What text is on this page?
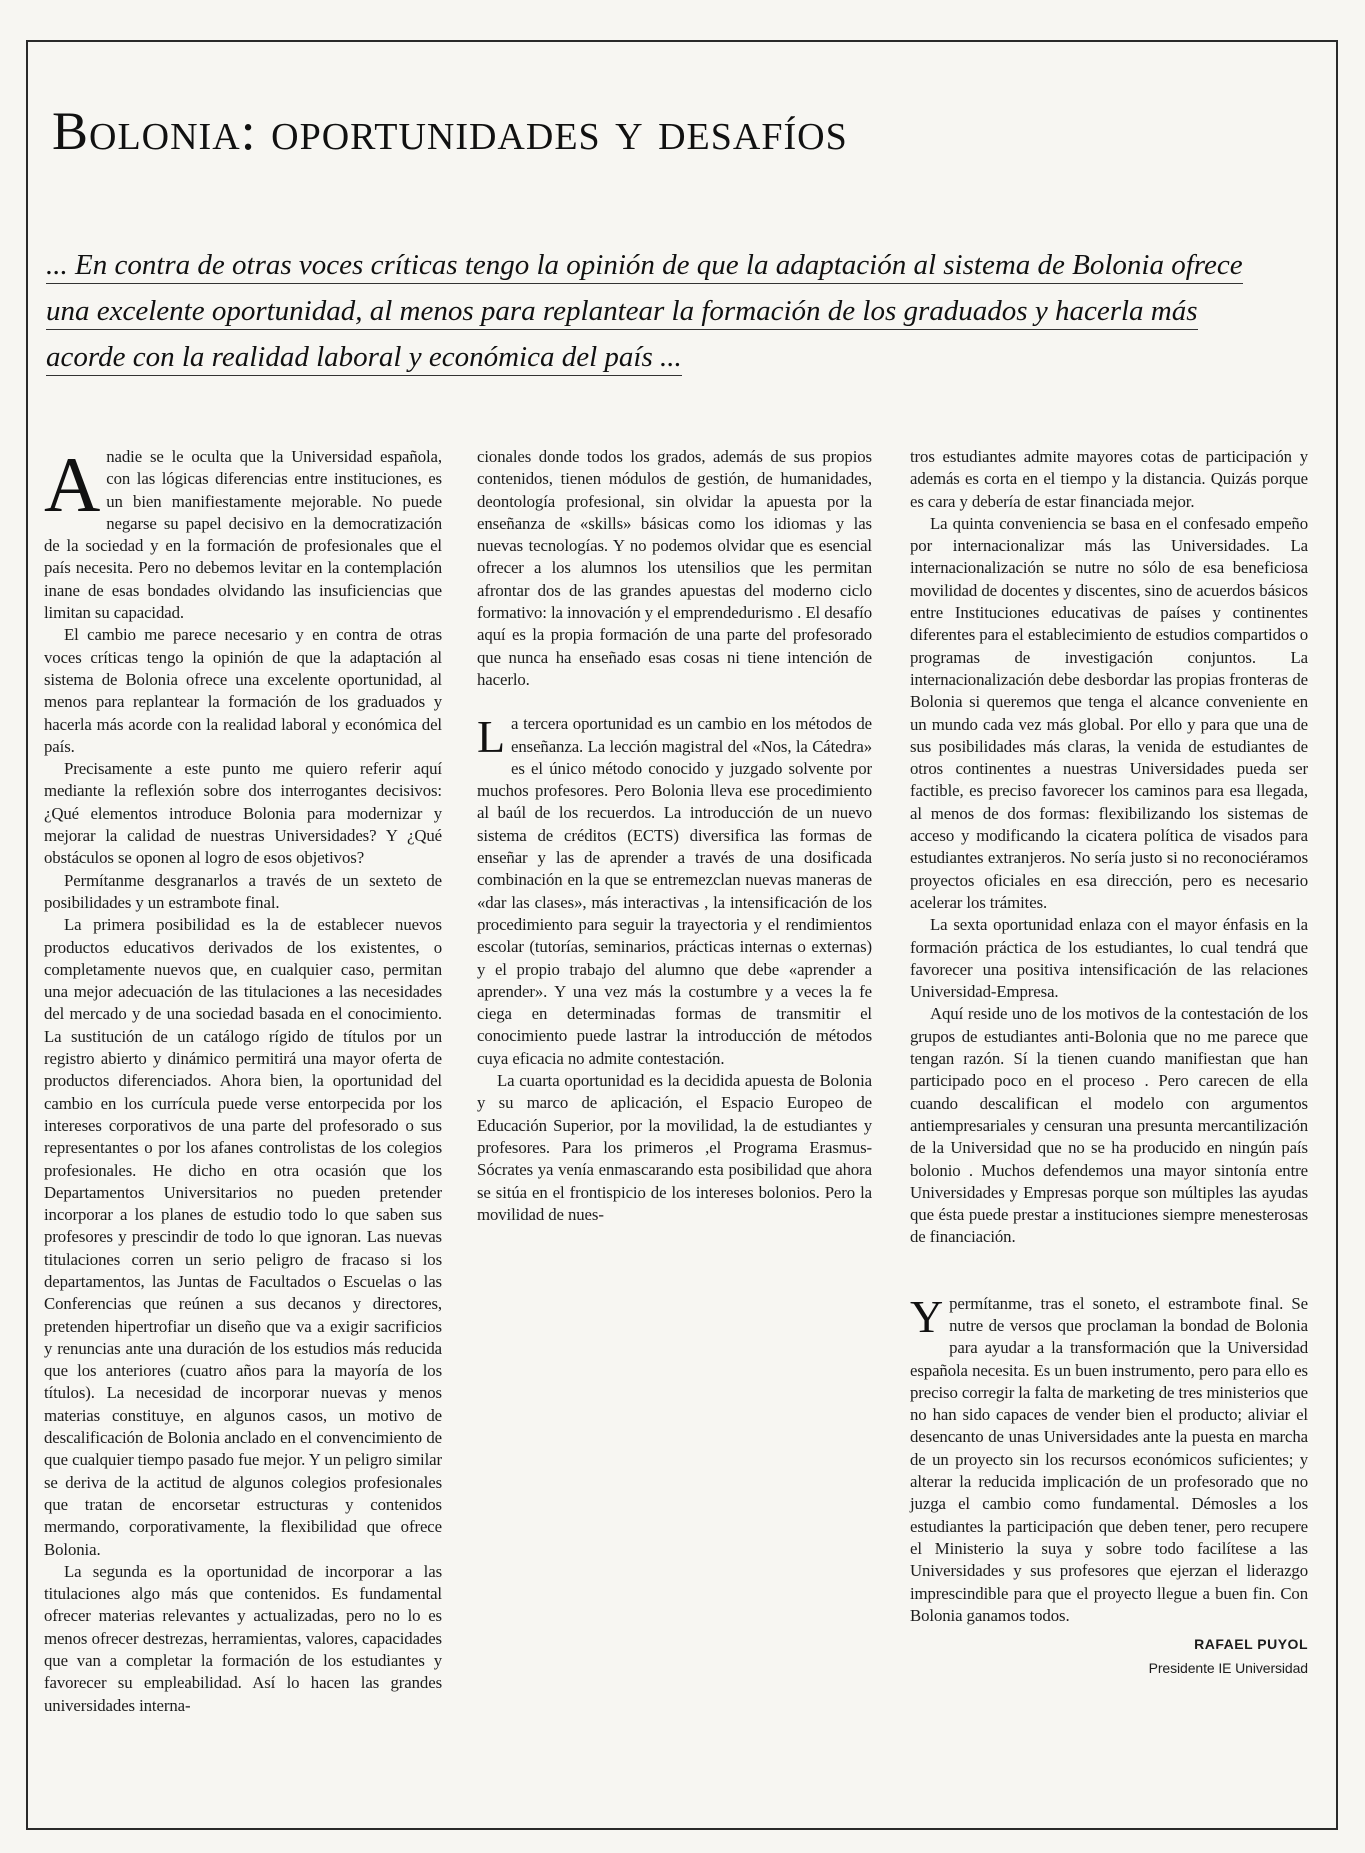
Bolonia: oportunidades y desafíos
... En contra de otras voces críticas tengo la opinión de que la adaptación al sistema de Bolonia ofrece
una excelente oportunidad, al menos para replantear la formación de los graduados y hacerla más
acorde con la realidad laboral y económica del país ...

Anadie se le oculta que la Universidad española, con las lógicas diferencias entre instituciones, es un bien manifiestamente mejorable. No puede negarse su papel decisivo en la democratización de la sociedad y en la formación de profesionales que el país necesita. Pero no debemos levitar en la contemplación inane de esas bondades olvidando las insuficiencias que limitan su capacidad.

El cambio me parece necesario y en contra de otras voces críticas tengo la opinión de que la adaptación al sistema de Bolonia ofrece una excelente oportunidad, al menos para replantear la formación de los graduados y hacerla más acorde con la realidad laboral y económica del país.

Precisamente a este punto me quiero referir aquí mediante la reflexión sobre dos interrogantes decisivos: ¿Qué elementos introduce Bolonia para modernizar y mejorar la calidad de nuestras Universidades? Y ¿Qué obstáculos se oponen al logro de esos objetivos?

Permítanme desgranarlos a través de un sexteto de posibilidades y un estrambote final.

La primera posibilidad es la de establecer nuevos productos educativos derivados de los existentes, o completamente nuevos que, en cualquier caso, permitan una mejor adecuación de las titulaciones a las necesidades del mercado y de una sociedad basada en el conocimiento. La sustitución de un catálogo rígido de títulos por un registro abierto y dinámico permitirá una mayor oferta de productos diferenciados. Ahora bien, la oportunidad del cambio en los currícula puede verse entorpecida por los intereses corporativos de una parte del profesorado o sus representantes o por los afanes controlistas de los colegios profesionales. He dicho en otra ocasión que los Departamentos Universitarios no pueden pretender incorporar a los planes de estudio todo lo que saben sus profesores y prescindir de todo lo que ignoran. Las nuevas titulaciones corren un serio peligro de fracaso si los departamentos, las Juntas de Facultados o Escuelas o las Conferencias que reúnen a sus decanos y directores, pretenden hipertrofiar un diseño que va a exigir sacrificios y renuncias ante una duración de los estudios más reducida que los anteriores (cuatro años para la mayoría de los títulos). La necesidad de incorporar nuevas y menos materias constituye, en algunos casos, un motivo de descalificación de Bolonia anclado en el convencimiento de que cualquier tiempo pasado fue mejor. Y un peligro similar se deriva de la actitud de algunos colegios profesionales que tratan de encorsetar estructuras y contenidos mermando, corporativamente, la flexibilidad que ofrece Bolonia.

La segunda es la oportunidad de incorporar a las titulaciones algo más que contenidos. Es fundamental ofrecer materias relevantes y actualizadas, pero no lo es menos ofrecer destrezas, herramientas, valores, capacidades que van a completar la formación de los estudiantes y favorecer su empleabilidad. Así lo hacen las grandes universidades interna-

cionales donde todos los grados, además de sus propios contenidos, tienen módulos de gestión, de humanidades, deontología profesional, sin olvidar la apuesta por la enseñanza de «skills» básicas como los idiomas y las nuevas tecnologías. Y no podemos olvidar que es esencial ofrecer a los alumnos los utensilios que les permitan afrontar dos de las grandes apuestas del moderno ciclo formativo: la innovación y el emprendedurismo . El desafío aquí es la propia formación de una parte del profesorado que nunca ha enseñado esas cosas ni tiene intención de hacerlo.

La tercera oportunidad es un cambio en los métodos de enseñanza. La lección magistral del «Nos, la Cátedra» es el único método conocido y juzgado solvente por muchos profesores. Pero Bolonia lleva ese procedimiento al baúl de los recuerdos. La introducción de un nuevo sistema de créditos (ECTS) diversifica las formas de enseñar y las de aprender a través de una dosificada combinación en la que se entremezclan nuevas maneras de «dar las clases», más interactivas , la intensificación de los procedimiento para seguir la trayectoria y el rendimientos escolar (tutorías, seminarios, prácticas internas o externas) y el propio trabajo del alumno que debe «aprender a aprender». Y una vez más la costumbre y a veces la fe ciega en determinadas formas de transmitir el conocimiento puede lastrar la introducción de métodos cuya eficacia no admite contestación.

La cuarta oportunidad es la decidida apuesta de Bolonia y su marco de aplicación, el Espacio Europeo de Educación Superior, por la movilidad, la de estudiantes y profesores. Para los primeros ,el Programa Erasmus-Sócrates ya venía enmascarando esta posibilidad que ahora se sitúa en el frontispicio de los intereses bolonios. Pero la movilidad de nues-

tros estudiantes admite mayores cotas de participación y además es corta en el tiempo y la distancia. Quizás porque es cara y debería de estar financiada mejor.

La quinta conveniencia se basa en el confesado empeño por internacionalizar más las Universidades. La internacionalización se nutre no sólo de esa beneficiosa movilidad de docentes y discentes, sino de acuerdos básicos entre Instituciones educativas de países y continentes diferentes para el establecimiento de estudios compartidos o programas de investigación conjuntos. La internacionalización debe desbordar las propias fronteras de Bolonia si queremos que tenga el alcance conveniente en un mundo cada vez más global. Por ello y para que una de sus posibilidades más claras, la venida de estudiantes de otros continentes a nuestras Universidades pueda ser factible, es preciso favorecer los caminos para esa llegada, al menos de dos formas: flexibilizando los sistemas de acceso y modificando la cicatera política de visados para estudiantes extranjeros. No sería justo si no reconociéramos proyectos oficiales en esa dirección, pero es necesario acelerar los trámites.

La sexta oportunidad enlaza con el mayor énfasis en la formación práctica de los estudiantes, lo cual tendrá que favorecer una positiva intensificación de las relaciones Universidad-Empresa.

Aquí reside uno de los motivos de la contestación de los grupos de estudiantes anti-Bolonia que no me parece que tengan razón. Sí la tienen cuando manifiestan que han participado poco en el proceso . Pero carecen de ella cuando descalifican el modelo con argumentos antiempresariales y censuran una presunta mercantilización de la Universidad que no se ha producido en ningún país bolonio . Muchos defendemos una mayor sintonía entre Universidades y Empresas porque son múltiples las ayudas que ésta puede prestar a instituciones siempre menesterosas de financiación.

Ypermítanme, tras el soneto, el estrambote final. Se nutre de versos que proclaman la bondad de Bolonia para ayudar a la transformación que la Universidad española necesita. Es un buen instrumento, pero para ello es preciso corregir la falta de marketing de tres ministerios que no han sido capaces de vender bien el producto; aliviar el desencanto de unas Universidades ante la puesta en marcha de un proyecto sin los recursos económicos suficientes; y alterar la reducida implicación de un profesorado que no juzga el cambio como fundamental. Démosles a los estudiantes la participación que deben tener, pero recupere el Ministerio la suya y sobre todo facilítese a las Universidades y sus profesores que ejerzan el liderazgo imprescindible para que el proyecto llegue a buen fin. Con Bolonia ganamos todos.

RAFAEL PUYOL
Presidente IE Universidad
